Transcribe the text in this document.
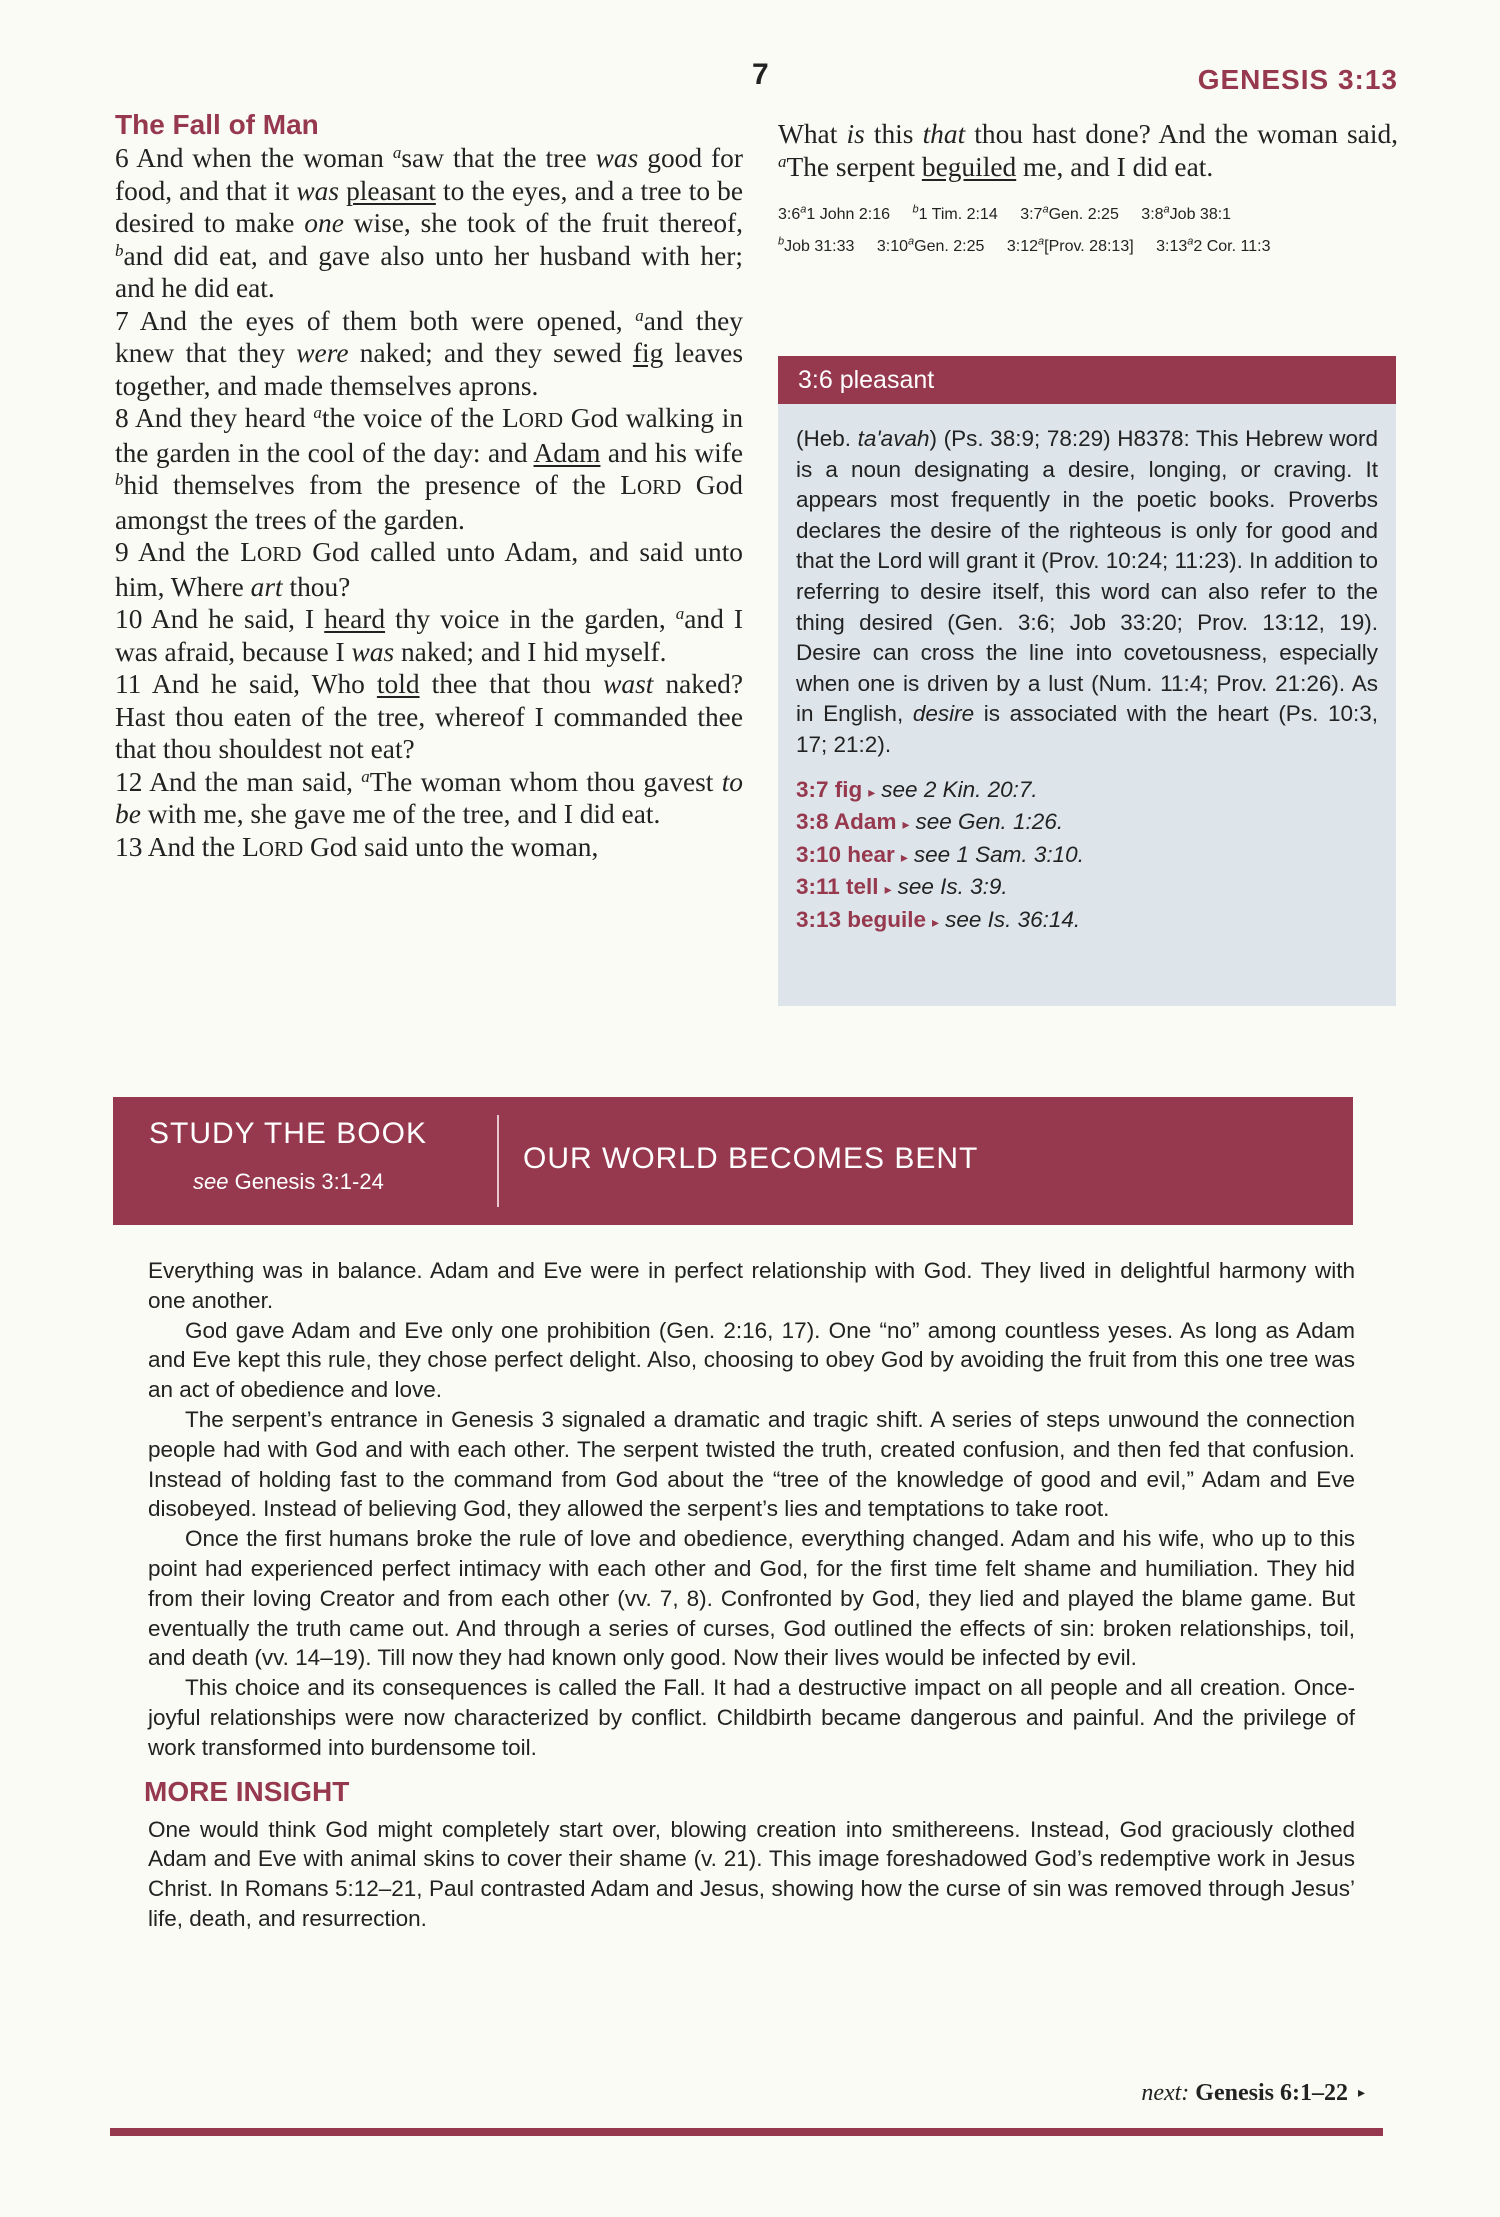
7	GENESIS 3:13
The Fall of Man

6 And when the woman $^a$saw that the tree was good for food, and that it was pleasant to the eyes, and a tree to be desired to make one wise, she took of the fruit thereof, $^b$and did eat, and gave also unto her husband with her; and he did eat.

7 And the eyes of them both were opened, $^a$and they knew that they were naked; and they sewed fig leaves together, and made themselves aprons.

8 And they heard $^a$the voice of the LORD God walking in the garden in the cool of the day: and Adam and his wife $^b$hid themselves from the presence of the LORD God amongst the trees of the garden.

9 And the LORD God called unto Adam, and said unto him, Where art thou?

10 And he said, I heard thy voice in the garden, $^a$and I was afraid, because I was naked; and I hid myself.

11 And he said, Who told thee that thou wast naked? Hast thou eaten of the tree, whereof I commanded thee that thou shouldest not eat?

12 And the man said, $^a$The woman whom thou gavest to be with me, she gave me of the tree, and I did eat.

13 And the LORD God said unto the woman,

What is this that thou hast done? And the woman said, $^a$The serpent beguiled me, and I did eat.

3:6$^a$1 John 2:16 $^b$1 Tim. 2:14 3:7$^a$Gen. 2:25 3:8$^a$Job 38:1
$^b$Job 31:33 3:10$^a$Gen. 2:25 3:12$^a$[Prov. 28:13] 3:13$^a$2 Cor. 11:3
3:6 pleasant

(Heb. ta'avah) (Ps. 38:9; 78:29) H8378: This Hebrew word is a noun designating a desire, longing, or craving. It appears most frequently in the poetic books. Proverbs declares the desire of the righteous is only for good and that the Lord will grant it (Prov. 10:24; 11:23). In addition to referring to desire itself, this word can also refer to the thing desired (Gen. 3:6; Job 33:20; Prov. 13:12, 19). Desire can cross the line into covetousness, especially when one is driven by a lust (Num. 11:4; Prov. 21:26). As in English, desire is associated with the heart (Ps. 10:3, 17; 21:2).

3:7 fig ▸ see 2 Kin. 20:7.
3:8 Adam ▸ see Gen. 1:26.
3:10 hear ▸ see 1 Sam. 3:10.
3:11 tell ▸ see Is. 3:9.
3:13 beguile ▸ see Is. 36:14.
STUDY THE BOOK
see Genesis 3:1-24
OUR WORLD BECOMES BENT

Everything was in balance. Adam and Eve were in perfect relationship with God. They lived in delightful harmony with one another.

God gave Adam and Eve only one prohibition (Gen. 2:16, 17). One “no” among countless yeses. As long as Adam and Eve kept this rule, they chose perfect delight. Also, choosing to obey God by avoiding the fruit from this one tree was an act of obedience and love.

The serpent’s entrance in Genesis 3 signaled a dramatic and tragic shift. A series of steps unwound the connection people had with God and with each other. The serpent twisted the truth, created confusion, and then fed that confusion. Instead of holding fast to the command from God about the “tree of the knowledge of good and evil,” Adam and Eve disobeyed. Instead of believing God, they allowed the serpent’s lies and temptations to take root.

Once the first humans broke the rule of love and obedience, everything changed. Adam and his wife, who up to this point had experienced perfect intimacy with each other and God, for the first time felt shame and humiliation. They hid from their loving Creator and from each other (vv. 7, 8). Confronted by God, they lied and played the blame game. But eventually the truth came out. And through a series of curses, God outlined the effects of sin: broken relationships, toil, and death (vv. 14–19). Till now they had known only good. Now their lives would be infected by evil.

This choice and its consequences is called the Fall. It had a destructive impact on all people and all creation. Once-joyful relationships were now characterized by conflict. Childbirth became dangerous and painful. And the privilege of work transformed into burdensome toil.

MORE INSIGHT

One would think God might completely start over, blowing creation into smithereens. Instead, God graciously clothed Adam and Eve with animal skins to cover their shame (v. 21). This image foreshadowed God’s redemptive work in Jesus Christ. In Romans 5:12–21, Paul contrasted Adam and Jesus, showing how the curse of sin was removed through Jesus’ life, death, and resurrection.

next: Genesis 6:1–22 ▸
